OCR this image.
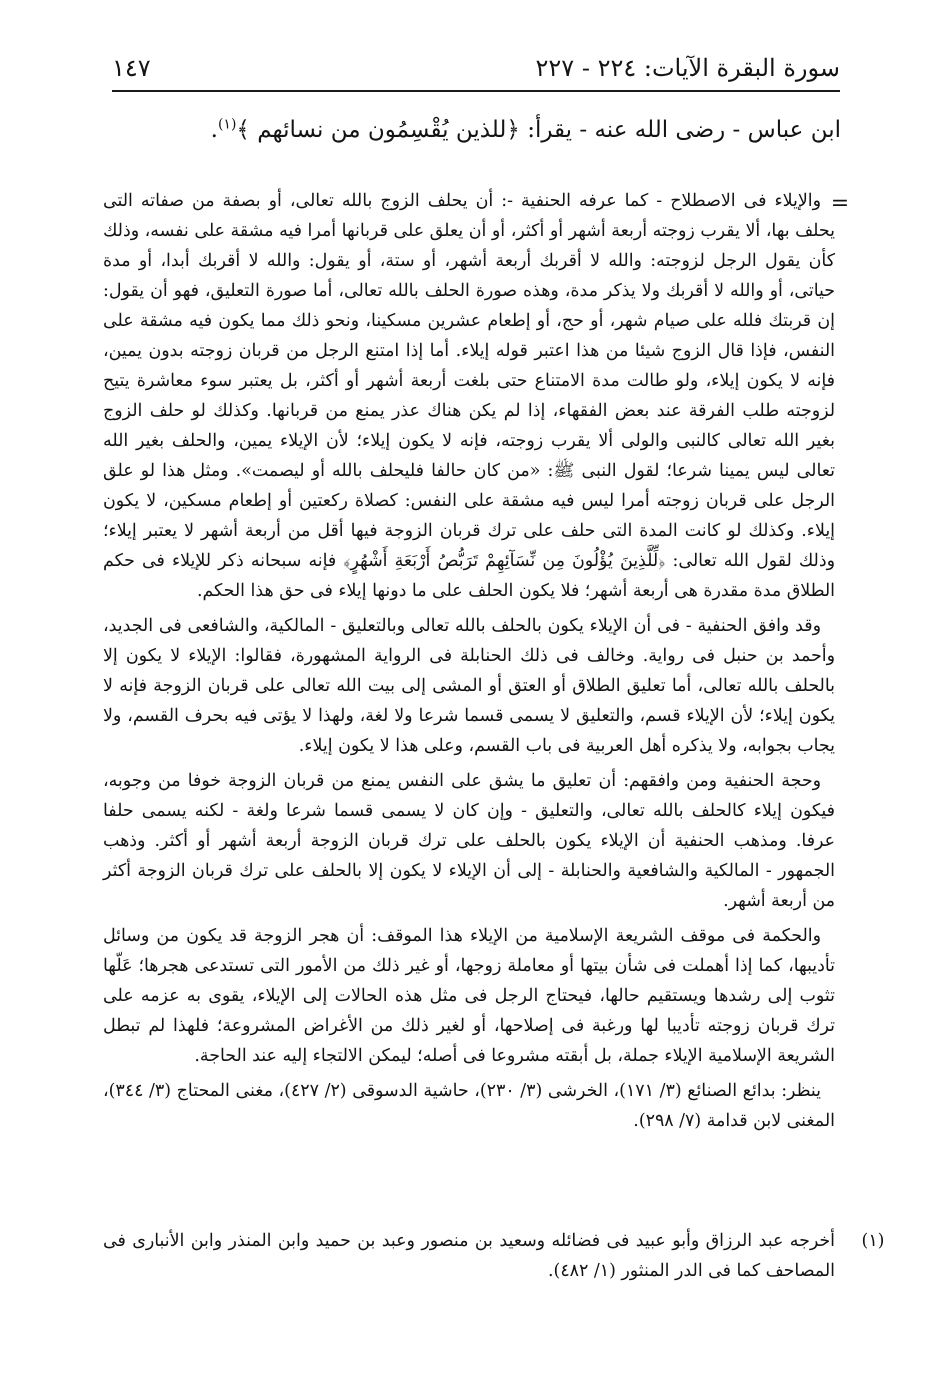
سورة البقرة الآيات: ٢٢٤ - ٢٢٧
١٤٧
ابن عباس - رضى الله عنه - يقرأ: ﴿للذين يُقْسِمُون من نسائهم ﴾$^{(١)}$.
=

والإيلاء فى الاصطلاح - كما عرفه الحنفية -: أن يحلف الزوج بالله تعالى، أو بصفة من صفاته التى يحلف بها، ألا يقرب زوجته أربعة أشهر أو أكثر، أو أن يعلق على قربانها أمرا فيه مشقة على نفسه، وذلك كأن يقول الرجل لزوجته: والله لا أقربك أربعة أشهر، أو ستة، أو يقول: والله لا أقربك أبدا، أو مدة حياتى، أو والله لا أقربك ولا يذكر مدة، وهذه صورة الحلف بالله تعالى، أما صورة التعليق، فهو أن يقول: إن قربتك فلله على صيام شهر، أو حج، أو إطعام عشرين مسكينا، ونحو ذلك مما يكون فيه مشقة على النفس، فإذا قال الزوج شيئا من هذا اعتبر قوله إيلاء. أما إذا امتنع الرجل من قربان زوجته بدون يمين، فإنه لا يكون إيلاء، ولو طالت مدة الامتناع حتى بلغت أربعة أشهر أو أكثر، بل يعتبر سوء معاشرة يتيح لزوجته طلب الفرقة عند بعض الفقهاء، إذا لم يكن هناك عذر يمنع من قربانها. وكذلك لو حلف الزوج بغير الله تعالى كالنبى والولى ألا يقرب زوجته، فإنه لا يكون إيلاء؛ لأن الإيلاء يمين، والحلف بغير الله تعالى ليس يمينا شرعا؛ لقول النبى ﷺ: «من كان حالفا فليحلف بالله أو ليصمت». ومثل هذا لو علق الرجل على قربان زوجته أمرا ليس فيه مشقة على النفس: كصلاة ركعتين أو إطعام مسكين، لا يكون إيلاء. وكذلك لو كانت المدة التى حلف على ترك قربان الزوجة فيها أقل من أربعة أشهر لا يعتبر إيلاء؛ وذلك لقول الله تعالى: ﴿لِّلَّذِينَ يُؤْلُونَ مِن نِّسَآئِهِمْ تَرَبُّصُ أَرْبَعَةِ أَشْهُرٍ﴾ فإنه سبحانه ذكر للإيلاء فى حكم الطلاق مدة مقدرة هى أربعة أشهر؛ فلا يكون الحلف على ما دونها إيلاء فى حق هذا الحكم.

وقد وافق الحنفية - فى أن الإيلاء يكون بالحلف بالله تعالى وبالتعليق - المالكية، والشافعى فى الجديد، وأحمد بن حنبل فى رواية. وخالف فى ذلك الحنابلة فى الرواية المشهورة، فقالوا: الإيلاء لا يكون إلا بالحلف بالله تعالى، أما تعليق الطلاق أو العتق أو المشى إلى بيت الله تعالى على قربان الزوجة فإنه لا يكون إيلاء؛ لأن الإيلاء قسم، والتعليق لا يسمى قسما شرعا ولا لغة، ولهذا لا يؤتى فيه بحرف القسم، ولا يجاب بجوابه، ولا يذكره أهل العربية فى باب القسم، وعلى هذا لا يكون إيلاء.

وحجة الحنفية ومن وافقهم: أن تعليق ما يشق على النفس يمنع من قربان الزوجة خوفا من وجوبه، فيكون إيلاء كالحلف بالله تعالى، والتعليق - وإن كان لا يسمى قسما شرعا ولغة - لكنه يسمى حلفا عرفا. ومذهب الحنفية أن الإيلاء يكون بالحلف على ترك قربان الزوجة أربعة أشهر أو أكثر. وذهب الجمهور - المالكية والشافعية والحنابلة - إلى أن الإيلاء لا يكون إلا بالحلف على ترك قربان الزوجة أكثر من أربعة أشهر.

والحكمة فى موقف الشريعة الإسلامية من الإيلاء هذا الموقف: أن هجر الزوجة قد يكون من وسائل تأديبها، كما إذا أهملت فى شأن بيتها أو معاملة زوجها، أو غير ذلك من الأمور التى تستدعى هجرها؛ عَلّها تثوب إلى رشدها ويستقيم حالها، فيحتاج الرجل فى مثل هذه الحالات إلى الإيلاء، يقوى به عزمه على ترك قربان زوجته تأديبا لها ورغبة فى إصلاحها، أو لغير ذلك من الأغراض المشروعة؛ فلهذا لم تبطل الشريعة الإسلامية الإيلاء جملة، بل أبقته مشروعا فى أصله؛ ليمكن الالتجاء إليه عند الحاجة.

ينظر: بدائع الصنائع (٣/ ١٧١)، الخرشى (٣/ ٢٣٠)، حاشية الدسوقى (٢/ ٤٢٧)، مغنى المحتاج (٣/ ٣٤٤)، المغنى لابن قدامة (٧/ ٢٩٨).

(١)
أخرجه عبد الرزاق وأبو عبيد فى فضائله وسعيد بن منصور وعبد بن حميد وابن المنذر وابن الأنبارى فى المصاحف كما فى الدر المنثور (١/ ٤٨٢).
